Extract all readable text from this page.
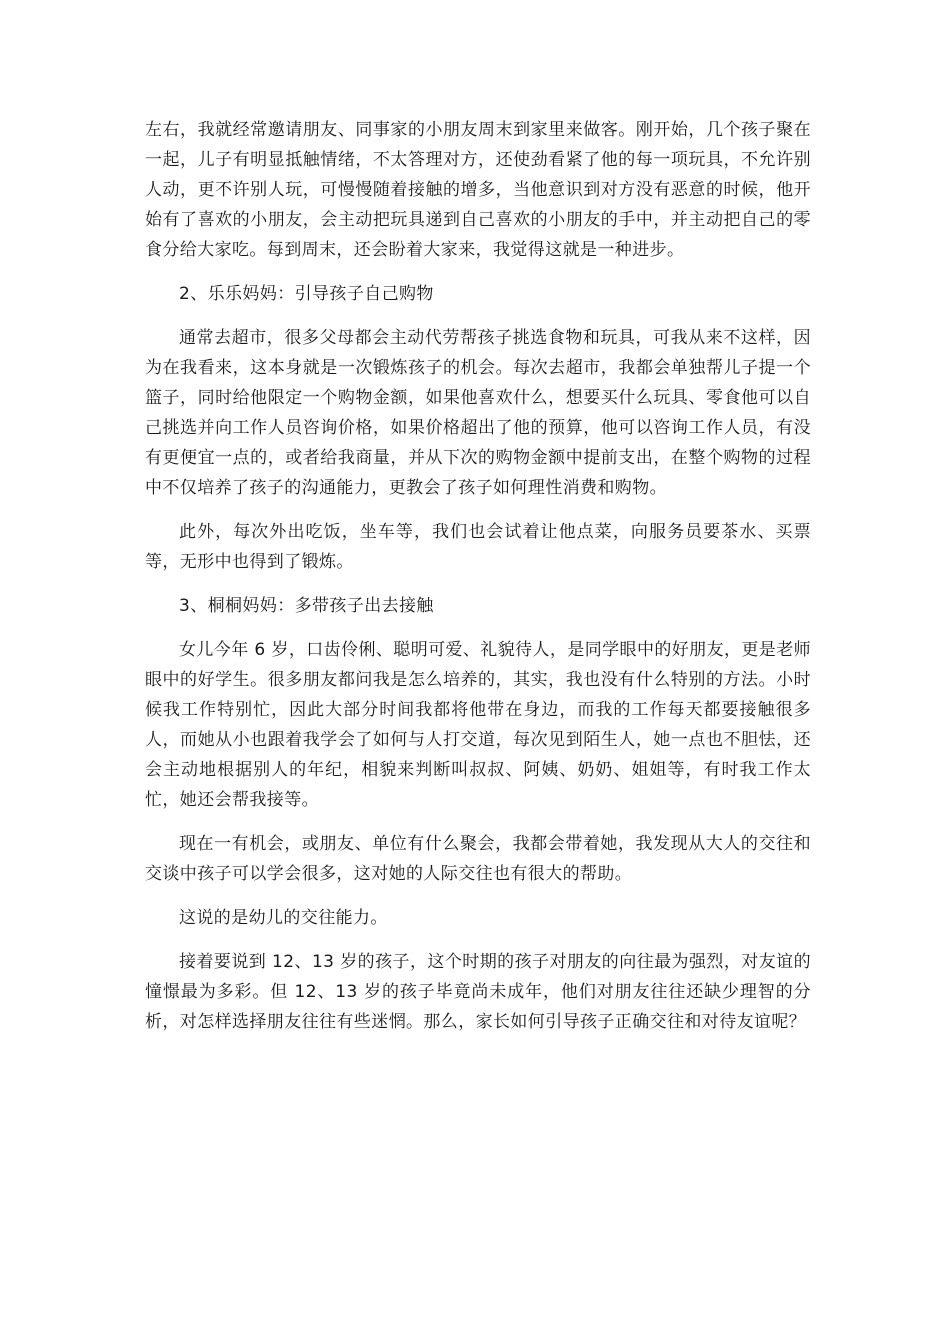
左右，我就经常邀请朋友、同事家的小朋友周末到家里来做客。刚开始，几个孩子聚在一起，儿子有明显抵触情绪，不太答理对方，还使劲看紧了他的每一项玩具，不允许别人动，更不许别人玩，可慢慢随着接触的增多，当他意识到对方没有恶意的时候，他开始有了喜欢的小朋友，会主动把玩具递到自己喜欢的小朋友的手中，并主动把自己的零食分给大家吃。每到周末，还会盼着大家来，我觉得这就是一种进步。

2、乐乐妈妈：引导孩子自己购物

通常去超市，很多父母都会主动代劳帮孩子挑选食物和玩具，可我从来不这样，因为在我看来，这本身就是一次锻炼孩子的机会。每次去超市，我都会单独帮儿子提一个篮子，同时给他限定一个购物金额，如果他喜欢什么，想要买什么玩具、零食他可以自己挑选并向工作人员咨询价格，如果价格超出了他的预算，他可以咨询工作人员，有没有更便宜一点的，或者给我商量，并从下次的购物金额中提前支出，在整个购物的过程中不仅培养了孩子的沟通能力，更教会了孩子如何理性消费和购物。

此外，每次外出吃饭，坐车等，我们也会试着让他点菜，向服务员要茶水、买票等，无形中也得到了锻炼。

3、桐桐妈妈：多带孩子出去接触

女儿今年 6 岁，口齿伶俐、聪明可爱、礼貌待人，是同学眼中的好朋友，更是老师眼中的好学生。很多朋友都问我是怎么培养的，其实，我也没有什么特别的方法。小时候我工作特别忙，因此大部分时间我都将他带在身边，而我的工作每天都要接触很多人，而她从小也跟着我学会了如何与人打交道，每次见到陌生人，她一点也不胆怯，还会主动地根据别人的年纪，相貌来判断叫叔叔、阿姨、奶奶、姐姐等，有时我工作太忙，她还会帮我接等。

现在一有机会，或朋友、单位有什么聚会，我都会带着她，我发现从大人的交往和交谈中孩子可以学会很多，这对她的人际交往也有很大的帮助。

这说的是幼儿的交往能力。

接着要说到 12、13 岁的孩子，这个时期的孩子对朋友的向往最为强烈，对友谊的憧憬最为多彩。但 12、13 岁的孩子毕竟尚未成年，他们对朋友往往还缺少理智的分析，对怎样选择朋友往往有些迷惘。那么，家长如何引导孩子正确交往和对待友谊呢？
